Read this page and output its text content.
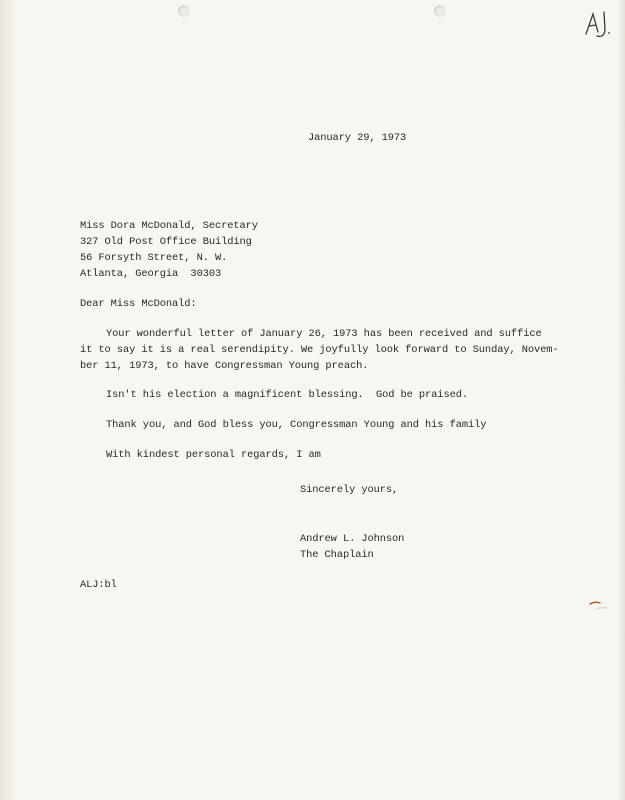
January 29, 1973
Miss Dora McDonald, Secretary
327 Old Post Office Building
56 Forsyth Street, N. W.
Atlanta, Georgia  30303
Dear Miss McDonald:
Your wonderful letter of January 26, 1973 has been received and suffice
it to say it is a real serendipity. We joyfully look forward to Sunday, Novem-
ber 11, 1973, to have Congressman Young preach.
Isn't his election a magnificent blessing.  God be praised.
Thank you, and God bless you, Congressman Young and his family
With kindest personal regards, I am
Sincerely yours,
Andrew L. Johnson
The Chaplain
ALJ:bl
